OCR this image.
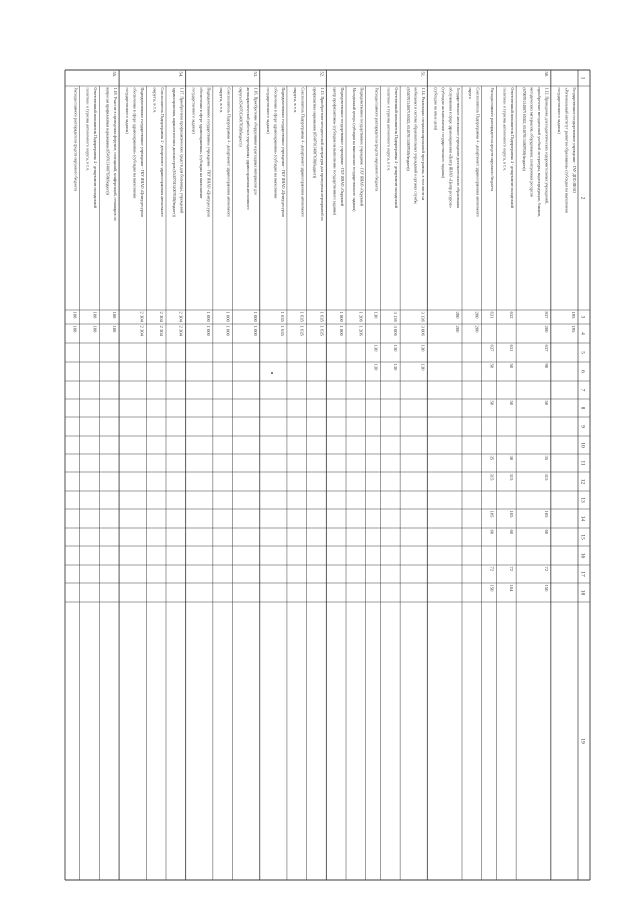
1
2
3
4
5
6
7
8
9
10
11
12
13
14
15
16
17
18
19
Государственное государственное учреждение - ГАУ ДПО ЯНАО
«Региональный институт развития образования» (субсидия на выполнение
государственного задания)
195
195
50.
1.12. Проведение для педагогических оздоровительных учреждений,
приобретение методической учебной литературы, видеопродукции, бланков,
методических материалов, оборудования, электронных ресурсов
(670070134007165022, 654070134007638(бюджет))
837
200
637
90
50
35
315
105
60
72
150
Ответственный исполнитель Подпрограммы 4 - департамент молодежной
политики и туризма автономного округа, в т.ч.
632
631
50
50
38
315
105
60
72
104
Расходы главного распорядителя средств окружного бюджета
631
637
50
50
35
315
105
60
72
150
Соисполнитель Подпрограммы 4 - департамент здравоохранения автономного
округа
200
200
Государственное автономное учреждение дополнительного образования
обслуживания в сфере здравоохранения «Центр ЯНАО «Центр ресурсов»
(субсидия на выполнение государственного задания)
(субсидия на иные цели)
200
200
51.
1.14. Реализация специализированной программы, в том числе на
мобильных в системе образовательных учреждений и органах службы
(654070134007165022, 654070134007638(бюджет))
3 136
3 006
130
130
Ответственный исполнитель Подпрограммы 4 - департамент молодежной
политики и туризма автономного округа, в т.ч.
3 136
3 006
130
130
Расходы главного распорядителя средств окружного бюджета
130
130
130
Подведомственное государственное учреждение - ГАУ ЯНАО «Окружной
Молодежный центр» (субсидия на выполнение государственного задания)
1 206
1 206
Подведомственное государственное учреждение - ГБУ ЯНАО «Окружной
центр профилактики» (субсидия на выполнение государственного задания)
1 800
1 800
52.
1.15. Приобретение методической литературы для проведения мероприятий по
профилактике наркомании (654070134007638(бюджет))
1 635
1 635
Соисполнитель Подпрограммы 4 - департамент здравоохранения автономного
округа, в т.ч.
1 635
1 635
Подведомственное государственное учреждение - ГКУ ЯНАО «Центр ресурсов
обеспечения в сфере здравоохранения» (субсидия на выполнение
государственного задания)
1 635
1 635
53.
1.16. Приобретение оборудования и расходных материалов для
антинаркотической работы в учреждениях здравоохранения автономного
округа (654070134007638(бюджет))
1 000
1 000
Соисполнитель Подпрограммы 4 - департамент здравоохранения автономного
округа, в т.ч.
1 000
1 000
Подведомственное государственное учреждение - ГКУ ЯНАО «Центр ресурсов
обеспечения в сфере здравоохранения» (субсидия на выполнение
государственного задания)
1 000
1 000
54.
1.17. Приобретение профилактических средств для больницы, учреждений
здравоохранения, наркологических диспансеров (654070134007638(бюджет))
2 304
2 304
Соисполнитель Подпрограммы 4 - департамент здравоохранения автономного
округа, в т.ч.
2 304
2 304
Подведомственное государственное учреждение - ГКУ ЯНАО «Центр ресурсов
обеспечения в сфере здравоохранения» (субсидия на выполнение
государственного задания)
2 304
2 304
55.
1.18. Участие в проведении форумов, совещаний, конференций, семинаров по
вопросам профилактики наркомании (654070134007638(бюджет))
188
188
Ответственный исполнитель Подпрограммы 4 - департамент молодежной
политики и туризма автономного округа, в т.ч.
188
188
Расходы главного распорядителя средств окружного бюджета
188
188
